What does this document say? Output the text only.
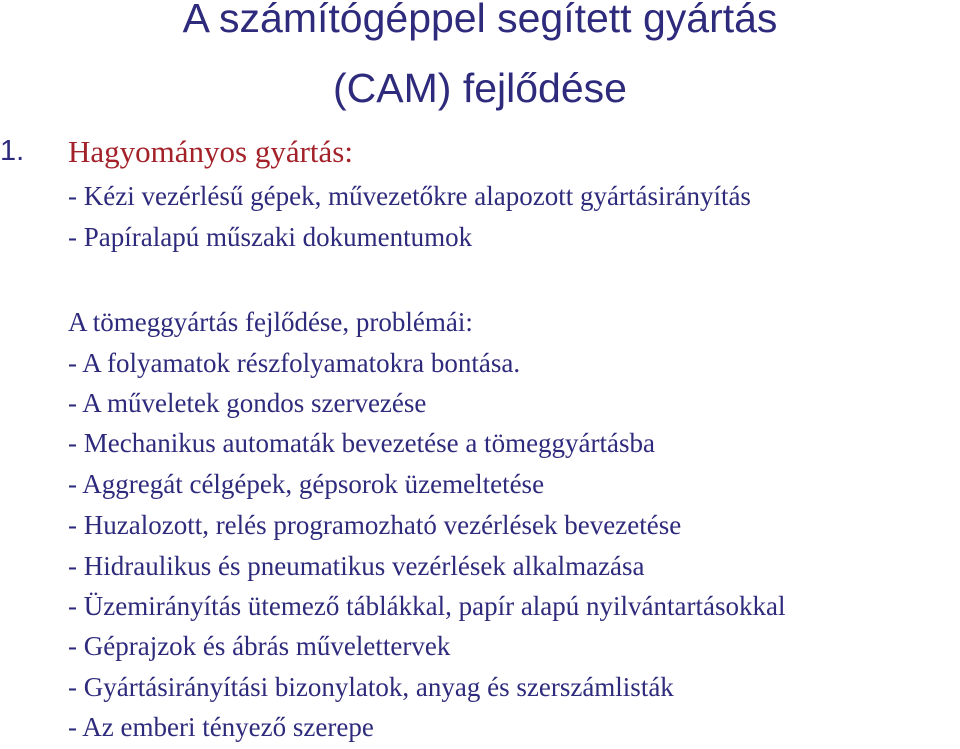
A számítógéppel segített gyártás
(CAM) fejlődése
1. Hagyományos gyártás:
- Kézi vezérlésű gépek, művezetőkre alapozott gyártásirányítás
- Papíralapú műszaki dokumentumok
A tömeggyártás fejlődése, problémái:
- A folyamatok részfolyamatokra bontása.
- A műveletek gondos szervezése
- Mechanikus automaták bevezetése a tömeggyártásba
- Aggregát célgépek, gépsorok üzemeltetése
- Huzalozott, relés programozható vezérlések bevezetése
- Hidraulikus és pneumatikus vezérlések alkalmazása
- Üzemirányítás ütemező táblákkal, papír alapú nyilvántartásokkal
- Géprajzok és ábrás művelettervek
- Gyártásirányítási bizonylatok, anyag és szerszámlisták
- Az emberi tényező szerepe
